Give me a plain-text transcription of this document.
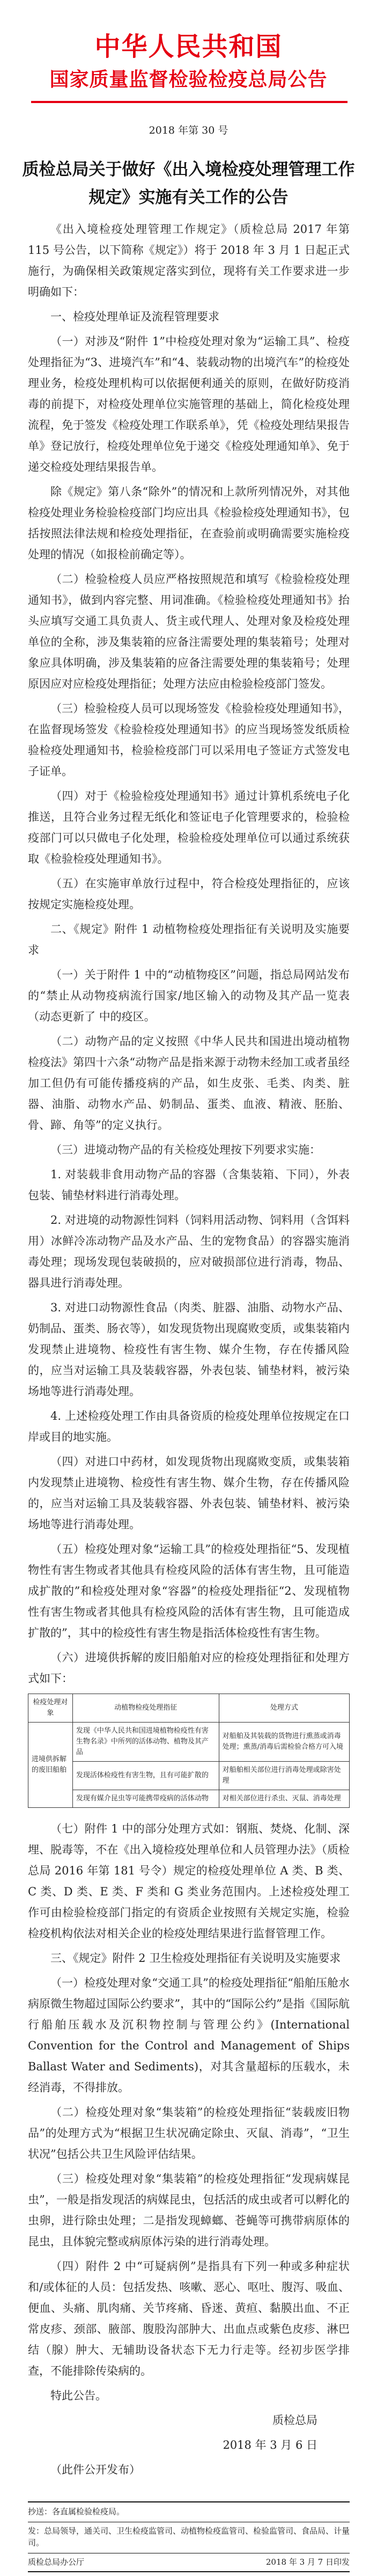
中华人民共和国
国家质量监督检验检疫总局公告
2018 年第 30 号
质检总局关于做好《出入境检疫处理管理工作规定》实施有关工作的公告

《出入境检疫处理管理工作规定》（质检总局 2017 年第 115 号公告，以下简称《规定》）将于 2018 年 3 月 1 日起正式施行，为确保相关政策规定落实到位，现将有关工作要求进一步明确如下：

一、检疫处理单证及流程管理要求

（一）对涉及“附件 1”中检疫处理对象为“运输工具”、检疫处理指征为“3、进境汽车”和“4、装载动物的出境汽车”的检疫处理业务，检疫处理机构可以依据便利通关的原则，在做好防疫消毒的前提下，对检疫处理单位实施管理的基础上，简化检疫处理流程，免于签发《检疫处理工作联系单》，凭《检疫处理结果报告单》登记放行，检疫处理单位免于递交《检疫处理通知单》、免于递交检疫处理结果报告单。

除《规定》第八条“除外”的情况和上款所列情况外，对其他检疫处理业务检验检疫部门均应出具《检验检疫处理通知书》，包括按照法律法规和检疫处理指征，在查验前或明确需要实施检疫处理的情况（如报检前确定等）。

（二）检验检疫人员应严格按照规范和填写《检验检疫处理通知书》，做到内容完整、用词准确。《检验检疫处理通知书》抬头应填写交通工具负责人、货主或代理人、处理对象及检疫处理单位的全称，涉及集装箱的应备注需要处理的集装箱号；处理对象应具体明确，涉及集装箱的应备注需要处理的集装箱号；处理原因应对应检疫处理指征；处理方法应由检验检疫部门签发。

（三）检验检疫人员可以现场签发《检验检疫处理通知书》，在监督现场签发《检验检疫处理通知书》的应当现场签发纸质检验检疫处理通知书，检验检疫部门可以采用电子签证方式签发电子证单。

（四）对于《检验检疫处理通知书》通过计算机系统电子化推送，且符合业务过程无纸化和签证电子化管理要求的，检验检疫部门可以只做电子化处理，检验检疫处理单位可以通过系统获取《检验检疫处理通知书》。

（五）在实施审单放行过程中，符合检疫处理指征的，应该按规定实施检疫处理。

二、《规定》附件 1 动植物检疫处理指征有关说明及实施要求

（一）关于附件 1 中的“动植物疫区”问题，指总局网站发布的“禁止从动物疫病流行国家/地区输入的动物及其产品一览表（动态更新了 中的疫区。

（二）动物产品的定义按照《中华人民共和国进出境动植物检疫法》第四十六条“动物产品是指来源于动物未经加工或者虽经加工但仍有可能传播疫病的产品，如生皮张、毛类、肉类、脏器、油脂、动物水产品、奶制品、蛋类、血液、精液、胚胎、骨、蹄、角等”的定义执行。

（三）进境动物产品的有关检疫处理按下列要求实施：

1. 对装载非食用动物产品的容器（含集装箱、下同），外表包装、铺垫材料进行消毒处理。

2. 对进境的动物源性饲料（饲料用活动物、饲料用（含饵料用）冰鲜冷冻动物产品及水产品、生的宠物食品）的容器实施消毒处理；现场发现包装破损的，应对破损部位进行消毒，物品、器具进行消毒处理。

3. 对进口动物源性食品（肉类、脏器、油脂、动物水产品、奶制品、蛋类、肠衣等），如发现货物出现腐败变质，或集装箱内发现禁止进境物、检疫性有害生物、媒介生物，存在传播风险的，应当对运输工具及装载容器，外表包装、铺垫材料，被污染场地等进行消毒处理。

4. 上述检疫处理工作由具备资质的检疫处理单位按规定在口岸或目的地实施。

（四）对进口中药材，如发现货物出现腐败变质，或集装箱内发现禁止进境物、检疫性有害生物、媒介生物，存在传播风险的，应当对运输工具及装载容器、外表包装、铺垫材料、被污染场地等进行消毒处理。

（五）检疫处理对象“运输工具”的检疫处理指征“5、发现植物性有害生物或者其他具有检疫风险的活体有害生物，且可能造成扩散的”和检疫处理对象“容器”的检疫处理指征“2、发现植物性有害生物或者其他具有检疫风险的活体有害生物，且可能造成扩散的”，其中的检疫性有害生物是指活体检疫性有害生物。

（六）进境供拆解的废旧船舶对应的检疫处理指征和处理方式如下：

检疫处理对象	动植物检疫处理指征	处理方式
进境供拆解的废旧船舶	发现《中华人民共和国进境植物检疫性有害生物名录》中所列的活体动物、植物及其产品	对船舶及其装载的货物进行熏蒸或消毒处理；熏蒸/消毒后需检验合格方可入境
	发现活体检疫性有害生物，且有可能扩散的	对船舶相关部位进行消毒处理或除害处理
	发现有媒介昆虫等可能携带疫病的活体动物	对相关部位进行杀虫、灭鼠、消毒处理

（七）附件 1 中的部分处理方式如：钢瓶、焚烧、化制、深埋、脱毒等，不在《出入境检疫处理单位和人员管理办法》（质检总局 2016 年第 181 号令）规定的检疫处理单位 A 类、B 类、C 类、D 类、E 类、F 类和 G 类业务范围内。上述检疫处理工作可由检验检疫部门指定的有资质企业按照有关规定实施，检验检疫机构依法对相关企业的检疫处理结果进行监督管理工作。

三、《规定》附件 2 卫生检疫处理指征有关说明及实施要求

（一）检疫处理对象“交通工具”的检疫处理指征“船舶压舱水病原微生物超过国际公约要求”，其中的“国际公约”是指《国际航行船舶压载水及沉积物控制与管理公约》(International Convention for the Control and Management of Ships Ballast Water and Sediments)，对其含量超标的压载水，未经消毒，不得排放。

（二）检疫处理对象“集装箱”的检疫处理指征“装载废旧物品”的处理方式为“根据卫生状况确定除虫、灭鼠、消毒”，“卫生状况”包括公共卫生风险评估结果。

（三）检疫处理对象“集装箱”的检疫处理指征“发现病媒昆虫”，一般是指发现活的病媒昆虫，包括活的成虫或者可以孵化的虫卵，进行除虫处理；二是指发现蟑螂、苍蝇等可携带病原体的昆虫，且体貌完整或病原体污染的进行消毒处理。

（四）附件 2 中“可疑病例”是指具有下列一种或多种症状和/或体征的人员：包括发热、咳嗽、恶心、呕吐、腹泻、吸血、便血、头痛、肌肉痛、关节疼痛、昏迷、黄疸、黏膜出血、不正常皮疹、颈部、腋部、腹股沟部肿大、出血点或紫色皮疹、淋巴结（腺）肿大、无辅助设备状态下无力行走等。经初步医学排查，不能排除传染病的。

特此公告。

质检总局

2018 年 3 月 6 日

（此件公开发布）

抄送：各直属检验检疫局。
发：总局领导，通关司、卫生检疫监管司、动植物检疫监管司、检验监管司、食品局、计量司。
质检总局办公厅	2018 年 3 月 7 日印发
